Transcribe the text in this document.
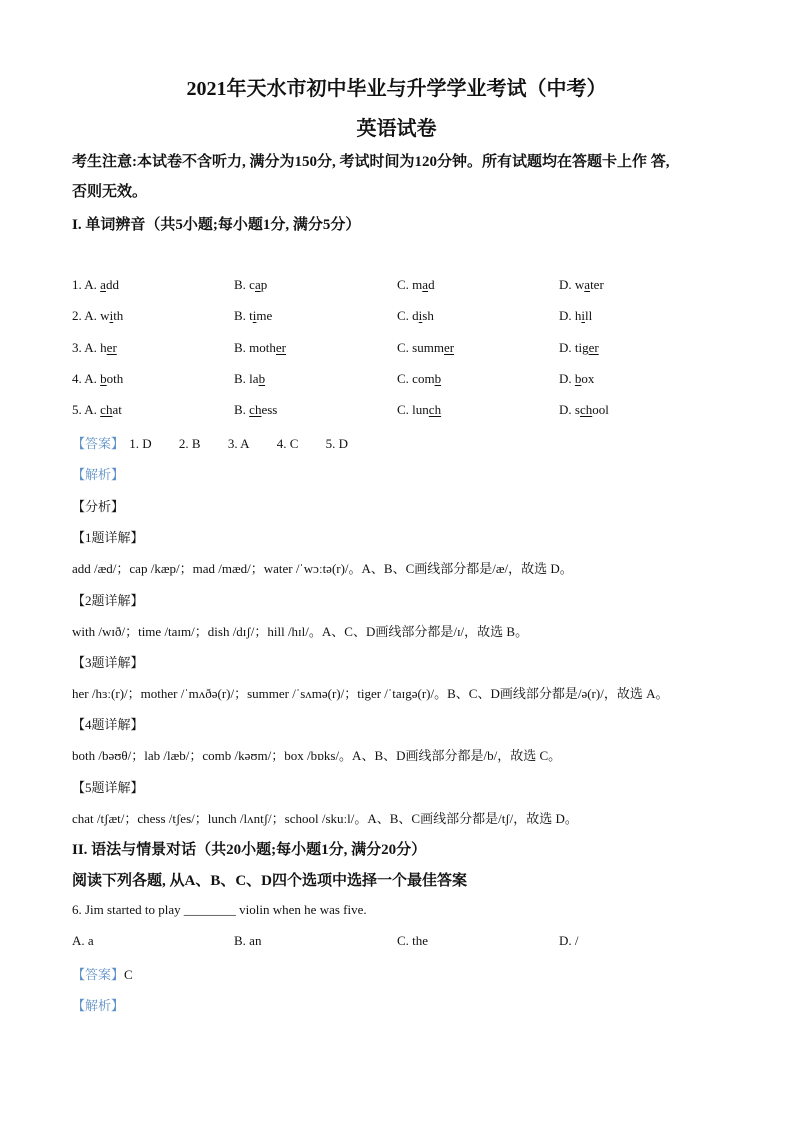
2021年天水市初中毕业与升学学业考试（中考）
英语试卷
考生注意:本试卷不含听力, 满分为150分, 考试时间为120分钟。所有试题均在答题卡上作 答,
否则无效。
I. 单词辨音（共5小题;每小题1分, 满分5分）
1. A. add	B. cap	C. mad	D. water
2. A. with	B. time	C. dish	D. hill
3. A. her	B. mother	C. summer	D. tiger
4. A. both	B. lab	C. comb	D. box
5. A. chat	B. chess	C. lunch	D. school
【答案】 1. D 2. B 3. A 4. C 5. D
【解析】
【分析】
【1题详解】
add /æd/；cap /kæp/；mad /mæd/；water /ˈwɔːtə(r)/。A、B、C画线部分都是/æ/，故选 D。
【2题详解】
with /wɪð/；time /taɪm/；dish /dɪʃ/；hill /hɪl/。A、C、D画线部分都是/ɪ/，故选 B。
【3题详解】
her /hɜː(r)/；mother /ˈmʌðə(r)/；summer /ˈsʌmə(r)/；tiger /ˈtaɪgə(r)/。B、C、D画线部分都是/ə(r)/，故选 A。
【4题详解】
both /bəʊθ/；lab /læb/；comb /kəʊm/；box /bɒks/。A、B、D画线部分都是/b/，故选 C。
【5题详解】
chat /tʃæt/；chess /tʃes/；lunch /lʌntʃ/；school /skuːl/。A、B、C画线部分都是/tʃ/，故选 D。
II. 语法与情景对话（共20小题;每小题1分, 满分20分）
阅读下列各题, 从A、B、C、D四个选项中选择一个最佳答案
6. Jim started to play ________ violin when he was five.
A. a	B. an	C. the	D. /
【答案】C
【解析】
